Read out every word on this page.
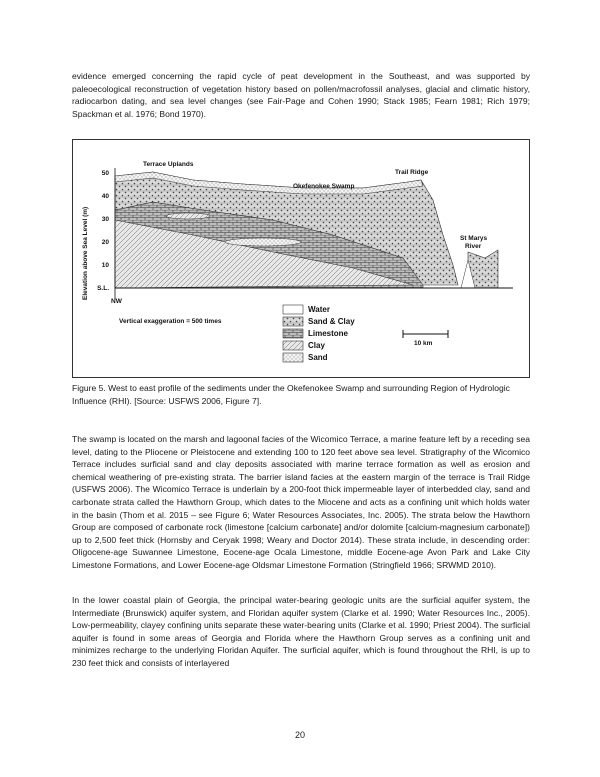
evidence emerged concerning the rapid cycle of peat development in the Southeast, and was supported by paleoecological reconstruction of vegetation history based on pollen/macrofossil analyses, glacial and climatic history, radiocarbon dating, and sea level changes (see Fair-Page and Cohen 1990; Stack 1985; Fearn 1981; Rich 1979; Spackman et al. 1976; Bond 1970).

50
40
30
20
10
S.L.
Elevation above Sea Level (m)
NW
Terrace Uplands
Okefenokee Swamp
Trail Ridge
St Marys
River
Vertical exaggeration = 500 times
Water
Sand & Clay
Limestone
Clay
Sand
10 km

Figure 5. West to east profile of the sediments under the Okefenokee Swamp and surrounding Region of Hydrologic Influence (RHI). [Source: USFWS 2006, Figure 7].

The swamp is located on the marsh and lagoonal facies of the Wicomico Terrace, a marine feature left by a receding sea level, dating to the Pliocene or Pleistocene and extending 100 to 120 feet above sea level. Stratigraphy of the Wicomico Terrace includes surficial sand and clay deposits associated with marine terrace formation as well as erosion and chemical weathering of pre-existing strata. The barrier island facies at the eastern margin of the terrace is Trail Ridge (USFWS 2006). The Wicomico Terrace is underlain by a 200-foot thick impermeable layer of interbedded clay, sand and carbonate strata called the Hawthorn Group, which dates to the Miocene and acts as a confining unit which holds water in the basin (Thom et al. 2015 – see Figure 6; Water Resources Associates, Inc. 2005). The strata below the Hawthorn Group are composed of carbonate rock (limestone [calcium carbonate] and/or dolomite [calcium-magnesium carbonate]) up to 2,500 feet thick (Hornsby and Ceryak 1998; Weary and Doctor 2014). These strata include, in descending order: Oligocene-age Suwannee Limestone, Eocene-age Ocala Limestone, middle Eocene-age Avon Park and Lake City Limestone Formations, and Lower Eocene-age Oldsmar Limestone Formation (Stringfield 1966; SRWMD 2010).

In the lower coastal plain of Georgia, the principal water-bearing geologic units are the surficial aquifer system, the Intermediate (Brunswick) aquifer system, and Floridan aquifer system (Clarke et al. 1990; Water Resources Inc., 2005). Low-permeability, clayey confining units separate these water-bearing units (Clarke et al. 1990; Priest 2004). The surficial aquifer is found in some areas of Georgia and Florida where the Hawthorn Group serves as a confining unit and minimizes recharge to the underlying Floridan Aquifer. The surficial aquifer, which is found throughout the RHI, is up to 230 feet thick and consists of interlayered

20
